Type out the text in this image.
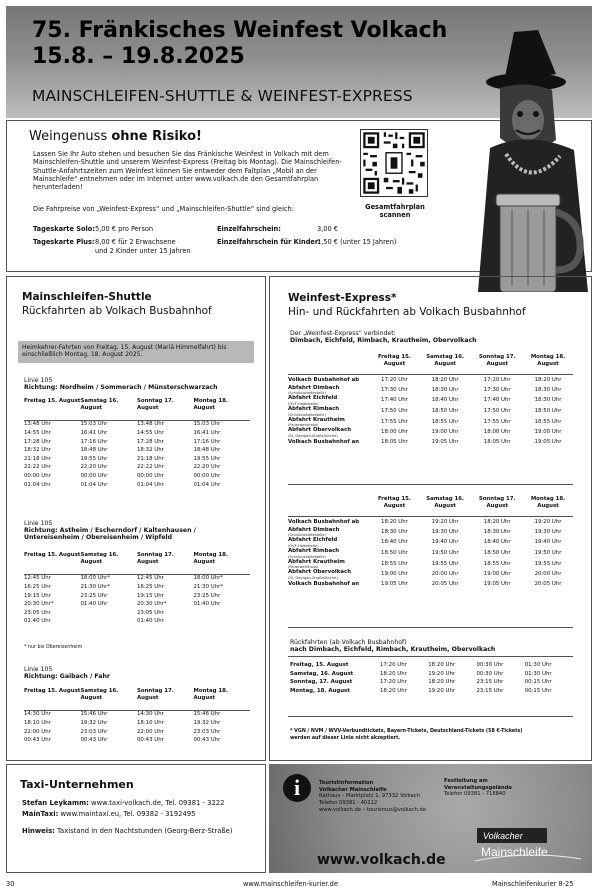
75. Fränkisches Weinfest Volkach
15.8. – 19.8.2025
MAINSCHLEIFEN-SHUTTLE & WEINFEST-EXPRESS
Weingenuss ohne Risiko!
Lassen Sie Ihr Auto stehen und besuchen Sie das Fränkische Weinfest in Volkach mit dem Mainschleifen-Shuttle und unserem Weinfest-Express (Freitag bis Montag). Die Mainschleifen-Shuttle-Anfahrtszeiten zum Weinfest können Sie entweder dem Faltplan „Mobil an der Mainschleife“ entnehmen oder im Internet unter www.volkach.de den Gesamtfahrplan herunterladen!
Die Fahrpreise von „Weinfest-Express“ und „Mainschleifen-Shuttle“ sind gleich:
Tageskarte Solo: 5,00 € pro Person
Tageskarte Plus: 8,00 € für 2 Erwachsene
und 2 Kinder unter 15 Jahren
Einzelfahrschein:	3,00 €
Einzelfahrschein für Kinder:
1,50 € (unter 15 Jahren)
Gesamtfahrplan
scannen
Mainschleifen-Shuttle
Rückfahrten ab Volkach Busbahnhof
Heimkehrer-Fahrten von Freitag, 15. August (Mariä Himmelfahrt) bis einschließlich Montag, 18. August 2025.
Linie 105
Richtung: Nordheim / Sommerach / Münsterschwarzach
Freitag 15. August	Samstag 16. August	Sonntag 17. August	Montag 18. August

13:48 Uhr	15:03 Uhr	13:48 Uhr	15:03 Uhr
14:55 Uhr	16:41 Uhr	14:55 Uhr	16:41 Uhr
17:28 Uhr	17:16 Uhr	17:28 Uhr	17:16 Uhr
18:32 Uhr	18:48 Uhr	18:32 Uhr	18:48 Uhr
21:18 Uhr	19:55 Uhr	21:18 Uhr	19:55 Uhr
22:22 Uhr	22:20 Uhr	22:22 Uhr	22:20 Uhr
00:00 Uhr	00:00 Uhr	00:00 Uhr	00:00 Uhr
01:04 Uhr	01:04 Uhr	01:04 Uhr	01:04 Uhr
Linie 105
Richtung: Astheim / Escherndorf / Kaltenhausen /
Untereisenheim / Obereisenheim / Wipfeld
Freitag 15. August	Samstag 16. August	Sonntag 17. August	Montag 18. August

12:45 Uhr	18:00 Uhr*	12:45 Uhr	18:00 Uhr*
16:25 Uhr	21:30 Uhr*	16:25 Uhr	21:30 Uhr*
19:15 Uhr	23:25 Uhr	19:15 Uhr	23:25 Uhr
20:30 Uhr*	01:40 Uhr	20:30 Uhr*	01:40 Uhr
23:05 Uhr		23:05 Uhr	
01:40 Uhr		01:40 Uhr	
* nur bis Obereisenheim
Linie 105
Richtung: Gaibach / Fahr
Freitag 15. August	Samstag 16. August	Sonntag 17. August	Montag 18. August

14:30 Uhr	15:46 Uhr	14:30 Uhr	15:46 Uhr
18:10 Uhr	19:32 Uhr	18:10 Uhr	19:32 Uhr
22:00 Uhr	23:03 Uhr	22:00 Uhr	23:03 Uhr
00:43 Uhr	00:43 Uhr	00:43 Uhr	00:43 Uhr
Weinfest-Express*
Hin- und Rückfahrten ab Volkach Busbahnhof
Der „Weinfest-Express“ verbindet:
Dimbach, Eichfeld, Rimbach, Krautheim, Obervolkach
	Freitag 15. August	Samstag 16. August	Sonntag 17. August	Montag 18. August

Volkach Busbahnhof ab	17:20 Uhr	18:20 Uhr	17:20 Uhr	18:20 Uhr
Abfahrt Dimbach
(Schulbushaltestelle)	17:30 Uhr	18:30 Uhr	17:30 Uhr	18:30 Uhr
Abfahrt Eichfeld
(OVF-Haltestelle)	17:40 Uhr	18:40 Uhr	17:40 Uhr	18:30 Uhr
Abfahrt Rimbach
(Schulbushaltestelle)	17:50 Uhr	18:50 Uhr	17:50 Uhr	18:50 Uhr
Abfahrt Krautheim
(Feuerwehrhaus)	17:55 Uhr	18:55 Uhr	17:55 Uhr	18:55 Uhr
Abfahrt Obervolkach
(St. Georgen-Straße/Kirche)	18:00 Uhr	19:00 Uhr	18:00 Uhr	19:00 Uhr
Volkach Busbahnhof an	18:05 Uhr	19:05 Uhr	18:05 Uhr	19:05 Uhr
	Freitag 15. August	Samstag 16. August	Sonntag 17. August	Montag 18. August

Volkach Busbahnhof ab	18:20 Uhr	19:20 Uhr	18:20 Uhr	19:20 Uhr
Abfahrt Dimbach
(Schulbushaltestelle)	18:30 Uhr	19:30 Uhr	18:30 Uhr	19:30 Uhr
Abfahrt Eichfeld
(OVF-Haltestelle)	18:40 Uhr	19:40 Uhr	18:40 Uhr	19:40 Uhr
Abfahrt Rimbach
(Schulbushaltestelle)	18:50 Uhr	19:50 Uhr	18:50 Uhr	19:50 Uhr
Abfahrt Krautheim
(Feuerwehrhaus)	18:55 Uhr	19:55 Uhr	18:55 Uhr	19:55 Uhr
Abfahrt Obervolkach
(St. Georgen-Straße/Kirche)	19:00 Uhr	20:00 Uhr	19:00 Uhr	20:00 Uhr
Volkach Busbahnhof an	19:05 Uhr	20:05 Uhr	19:05 Uhr	20:05 Uhr
Rückfahrten (ab Volkach Busbahnhof)
nach Dimbach, Eichfeld, Rimbach, Krautheim, Obervolkach
Freitag, 15. August	17:20 Uhr	18:20 Uhr	00:30 Uhr	01:30 Uhr
Samstag, 16. August	18:20 Uhr	19:20 Uhr	00:30 Uhr	01:30 Uhr
Sonntag, 17. August	17:20 Uhr	18:20 Uhr	23:15 Uhr	00:15 Uhr
Montag, 18. August	18:20 Uhr	19:20 Uhr	23:15 Uhr	00:15 Uhr
* VGN / NVM / WVV-Verbundtickets, Bayern-Tickets, Deutschland-Tickets (58 €-Tickets)
werden auf dieser Linie nicht akzeptiert.
Taxi-Unternehmen
Stefan Leykamm: www.taxi-volkach.de, Tel. 09381 - 3222
MainTaxi: www.maintaxi.eu, Tel. 09382 - 3192495
Hinweis: Taxistand in den Nachtstunden (Georg-Berz-Straße)
i	Touristinformation
Volkacher Mainschleife
Rathaus – Marktplatz 1, 97332 Volkach
Telefon 09381 - 40112
www.volkach.de – tourismus@volkach.de
Festleitung am
Veranstaltungsgelände
Telefon 09381 - 718840
Volkacher
Mainschleife
www.volkach.de
30	www.mainschleifen-kurier.de	Mainschleifenkurier 8-25
